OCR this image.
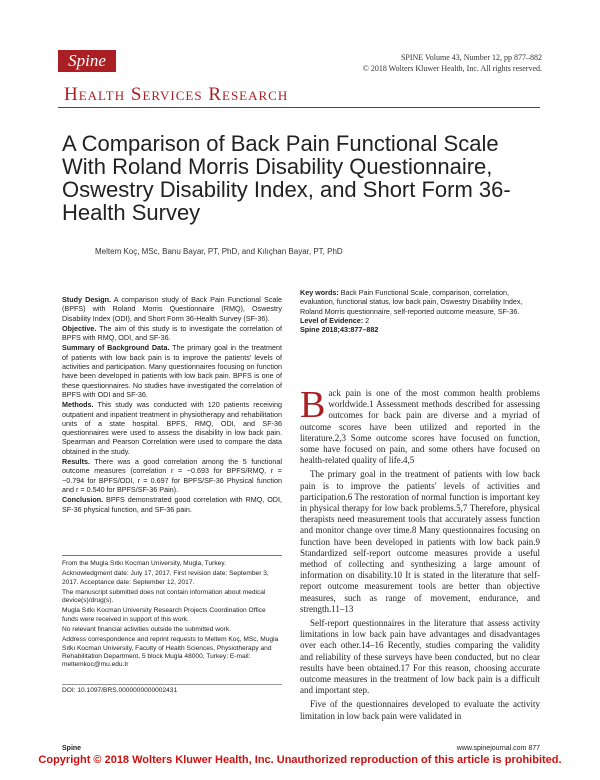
Spine	SPINE Volume 43, Number 12, pp 877–882
© 2018 Wolters Kluwer Health, Inc. All rights reserved.
Health Services Research
A Comparison of Back Pain Functional Scale With Roland Morris Disability Questionnaire, Oswestry Disability Index, and Short Form 36-Health Survey
Meltem Koç, MSc, Banu Bayar, PT, PhD, and Kılıçhan Bayar, PT, PhD

Study Design. A comparison study of Back Pain Functional Scale (BPFS) with Roland Morris Questionnaire (RMQ), Oswestry Disability Index (ODI), and Short Form 36-Health Survey (SF-36).

Objective. The aim of this study is to investigate the correlation of BPFS with RMQ, ODI, and SF-36.

Summary of Background Data. The primary goal in the treatment of patients with low back pain is to improve the patients' levels of activities and participation. Many questionnaires focusing on function have been developed in patients with low back pain. BPFS is one of these questionnaires. No studies have investigated the correlation of BPFS with ODI and SF-36.

Methods. This study was conducted with 120 patients receiving outpatient and inpatient treatment in physiotherapy and rehabilitation units of a state hospital. BPFS, RMQ, ODI, and SF-36 questionnaires were used to assess the disability in low back pain. Spearman and Pearson Correlation were used to compare the data obtained in the study.

Results. There was a good correlation among the 5 functional outcome measures (correlation r = −0.693 for BPFS/RMQ, r = −0.794 for BPFS/ODI, r = 0.697 for BPFS/SF-36 Physical function and r = 0.540 for BPFS/SF-36 Pain).

Conclusion. BPFS demonstrated good correlation with RMQ, ODI, SF-36 physical function, and SF-36 pain.

From the Mugla Sıtkı Kocman University, Mugla, Turkey.

Acknowledgment date: July 17, 2017. First revision date: September 3, 2017. Acceptance date: September 12, 2017.

The manuscript submitted does not contain information about medical device(s)/drug(s).

Mugla Sıtkı Kocman University Research Projects Coordination Office funds were received in support of this work.

No relevant financial activities outside the submitted work.

Address correspondence and reprint requests to Meltem Koç, MSc, Mugla Sıtkı Kocman University, Faculty of Health Sciences, Physiotherapy and Rehabilitation Department, 5 block Mugla 48000, Turkey; E-mail: meltemkoc@mu.edu.tr

DOI: 10.1097/BRS.0000000000002431

Key words: Back Pain Functional Scale, comparison, correlation, evaluation, functional status, low back pain, Oswestry Disability Index, Roland Morris questionnaire, self-reported outcome measure, SF-36.

Level of Evidence: 2

Spine 2018;43:877–882

Back pain is one of the most common health problems worldwide.1 Assessment methods described for assessing outcomes for back pain are diverse and a myriad of outcome scores have been utilized and reported in the literature.2,3 Some outcome scores have focused on function, some have focused on pain, and some others have focused on health-related quality of life.4,5

The primary goal in the treatment of patients with low back pain is to improve the patients' levels of activities and participation.6 The restoration of normal function is important key in physical therapy for low back problems.5,7 Therefore, physical therapists need measurement tools that accurately assess function and monitor change over time.8 Many questionnaires focusing on function have been developed in patients with low back pain.9 Standardized self-report outcome measures provide a useful method of collecting and synthesizing a large amount of information on disability.10 It is stated in the literature that self-report outcome measurement tools are better than objective measures, such as range of movement, endurance, and strength.11–13

Self-report questionnaires in the literature that assess activity limitations in low back pain have advantages and disadvantages over each other.14–16 Recently, studies comparing the validity and reliability of these surveys have been conducted, but no clear results have been obtained.17 For this reason, choosing accurate outcome measures in the treatment of low back pain is a difficult and important step.

Five of the questionnaires developed to evaluate the activity limitation in low back pain were validated in

Spine	www.spinejournal.com 877
Copyright © 2018 Wolters Kluwer Health, Inc. Unauthorized reproduction of this article is prohibited.
